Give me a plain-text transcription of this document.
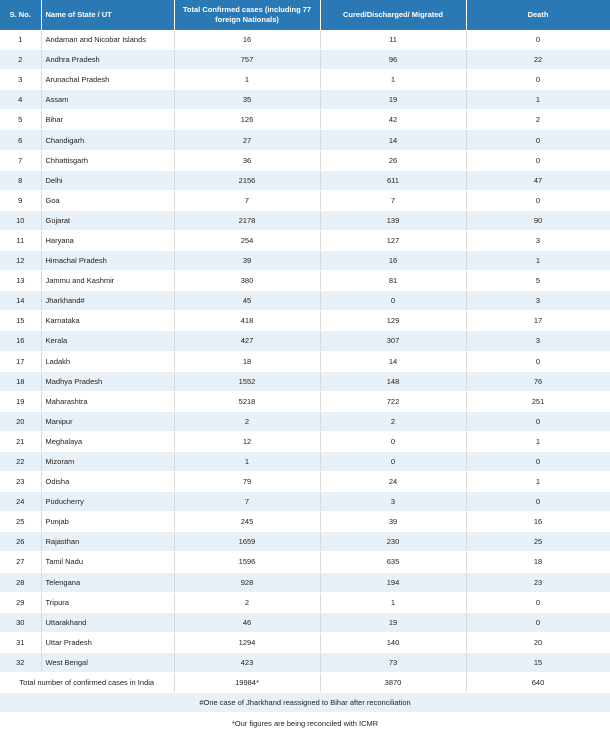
S. No.	Name of State / UT	Total Confirmed cases (including 77 foreign Nationals)	Cured/Discharged/ Migrated	Death
1	Andaman and Nicobar Islands	16	11	0
2	Andhra Pradesh	757	96	22
3	Arunachal Pradesh	1	1	0
4	Assam	35	19	1
5	Bihar	126	42	2
6	Chandigarh	27	14	0
7	Chhattisgarh	36	26	0
8	Delhi	2156	611	47
9	Goa	7	7	0
10	Gujarat	2178	139	90
11	Haryana	254	127	3
12	Himachal Pradesh	39	16	1
13	Jammu and Kashmir	380	81	5
14	Jharkhand#	45	0	3
15	Karnataka	418	129	17
16	Kerala	427	307	3
17	Ladakh	18	14	0
18	Madhya Pradesh	1552	148	76
19	Maharashtra	5218	722	251
20	Manipur	2	2	0
21	Meghalaya	12	0	1
22	Mizoram	1	0	0
23	Odisha	79	24	1
24	Puducherry	7	3	0
25	Punjab	245	39	16
26	Rajasthan	1659	230	25
27	Tamil Nadu	1596	635	18
28	Telengana	928	194	23
29	Tripura	2	1	0
30	Uttarakhand	46	19	0
31	Uttar Pradesh	1294	140	20
32	West Bengal	423	73	15
Total number of confirmed cases in India		19984*	3870	640
#One case of Jharkhand reassigned to Bihar after reconciliation				
*Our figures are being reconciled with ICMR				
